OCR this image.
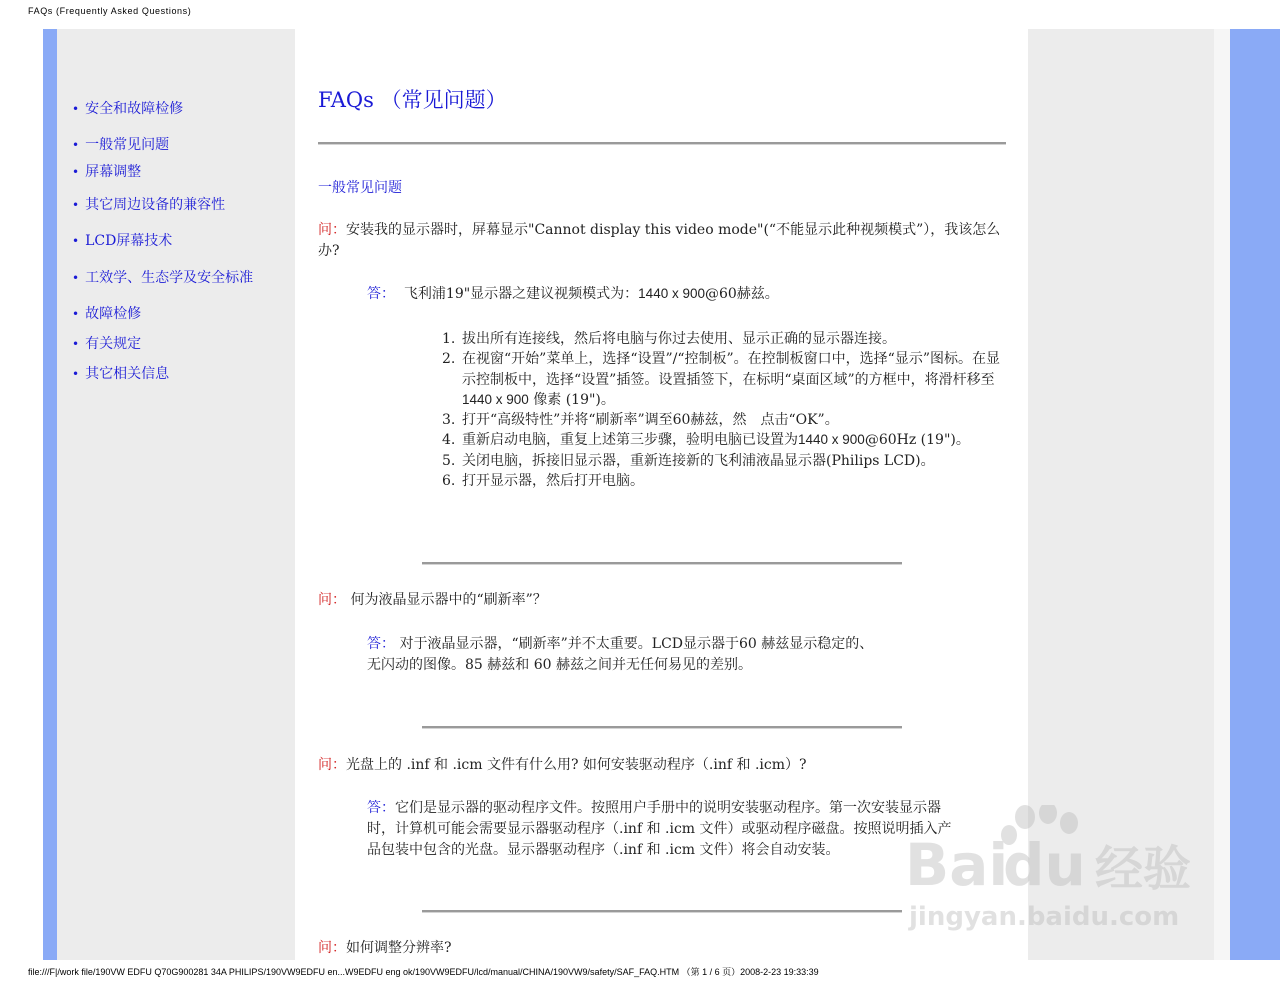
FAQs (Frequently Asked Questions)
• 安全和故障检修
• 一般常见问题
• 屏幕调整
• 其它周边设备的兼容性
• LCD屏幕技术
• 工效学、生态学及安全标准
• 故障检修
• 有关规定
• 其它相关信息
FAQs （常见问题）
一般常见问题
问：安装我的显示器时，屏幕显示"Cannot display this video mode"(“不能显示此种视频模式”），我该怎么办?
答： 飞利浦19"显示器之建议视频模式为：1440 x 900@60赫兹。
1. 拔出所有连接线，然后将电脑与你过去使用、显示正确的显示器连接。
2. 在视窗“开始”菜单上，选择“设置”/“控制板”。在控制板窗口中，选择“显示”图标。在显示控制板中，选择“设置”插签。设置插签下，在标明“桌面区域”的方框中，将滑杆移至 1440 x 900 像素 (19")。
3. 打开“高级特性”并将“刷新率”调至60赫兹，然　点击“OK”。
4. 重新启动电脑，重复上述第三步骤，验明电脑已设置为1440 x 900@60Hz (19")。
5. 关闭电脑，拆接旧显示器，重新连接新的飞利浦液晶显示器(Philips LCD)。
6. 打开显示器，然后打开电脑。
问： 何为液晶显示器中的“刷新率”？
答： 对于液晶显示器，“刷新率”并不太重要。LCD显示器于60 赫兹显示稳定的、
无闪动的图像。85 赫兹和 60 赫兹之间并无任何易见的差别。
问：光盘上的 .inf 和 .icm 文件有什么用? 如何安装驱动程序（.inf 和 .icm）?
答：它们是显示器的驱动程序文件。按照用户手册中的说明安装驱动程序。第一次安装显示器时，计算机可能会需要显示器驱动程序（.inf 和 .icm 文件）或驱动程序磁盘。按照说明插入产品包装中包含的光盘。显示器驱动程序（.inf 和 .icm 文件）将会自动安装。
问：如何调整分辨率?
Bai
du 经验
jingyan.baidu.com
file:///F|/work file/190VW EDFU Q70G900281 34A PHILIPS/190VW9EDFU en...W9EDFU eng ok/190VW9EDFU/lcd/manual/CHINA/190VW9/safety/SAF_FAQ.HTM （第 1 / 6 页）2008-2-23 19:33:39
